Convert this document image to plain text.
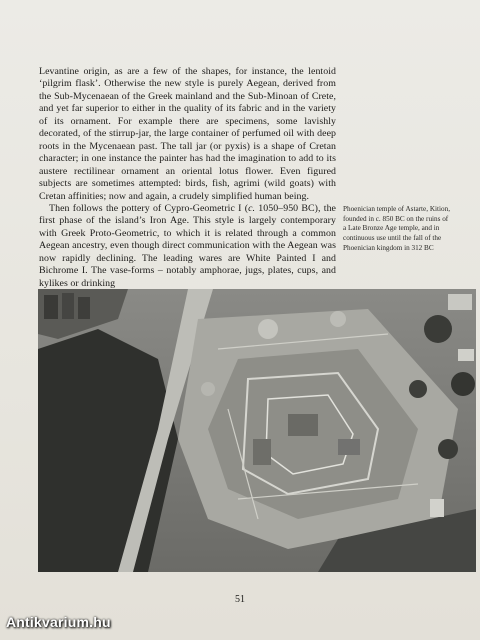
Levantine origin, as are a few of the shapes, for instance, the lentoid ‘pilgrim flask’. Otherwise the new style is purely Aegean, derived from the Sub-Mycenaean of the Greek mainland and the Sub-Minoan of Crete, and yet far superior to either in the quality of its fabric and in the variety of its ornament. For example there are specimens, some lavishly decorated, of the stirrup-jar, the large container of perfumed oil with deep roots in the Mycenaean past. The tall jar (or pyxis) is a shape of Cretan character; in one instance the painter has had the imagination to add to its austere rectilinear ornament an oriental lotus flower. Even figured subjects are sometimes attempted: birds, fish, agrimi (wild goats) with Cretan affinities; now and again, a crudely simplified human being.

Then follows the pottery of Cypro-Geometric I (c. 1050–950 BC), the first phase of the island’s Iron Age. This style is largely contemporary with Greek Proto-Geometric, to which it is related through a common Aegean ancestry, even though direct communication with the Aegean was now rapidly declining. The leading wares are White Painted I and Bichrome I. The vase-forms – notably amphorae, jugs, plates, cups, and kylikes or drinking

Phoenician temple of Astarte, Kition, founded in c. 850 BC on the ruins of a Late Bronze Age temple, and in continuous use until the fall of the Phoenician kingdom in 312 BC
51
Antikvarium.hu
